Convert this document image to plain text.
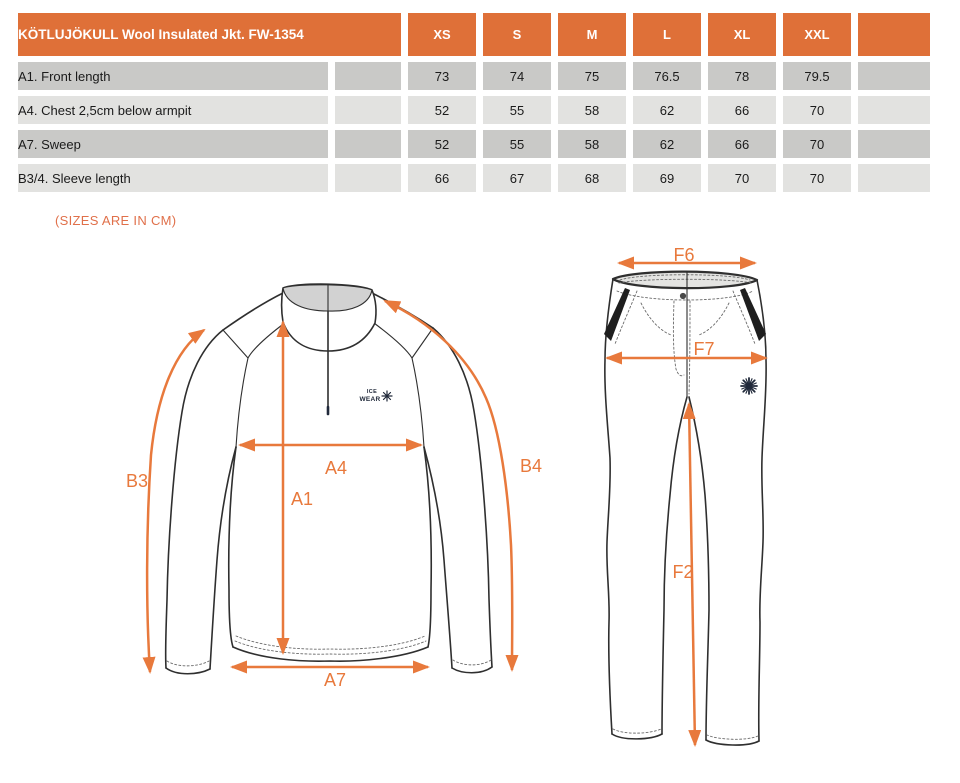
KÖTLUJÖKULL Wool Insulated Jkt. FW-1354		XS	S	M	L	XL	XXL	
A1. Front length		73	74	75	76.5	78	79.5	
A4. Chest 2,5cm below armpit		52	55	58	62	66	70	
A7. Sweep		52	55	58	62	66	70	
B3/4. Sleeve length		66	67	68	69	70	70	
(SIZES ARE IN CM)
ICE
WEAR
A1
A4
A7
B3
B4
F6
F7
F2
